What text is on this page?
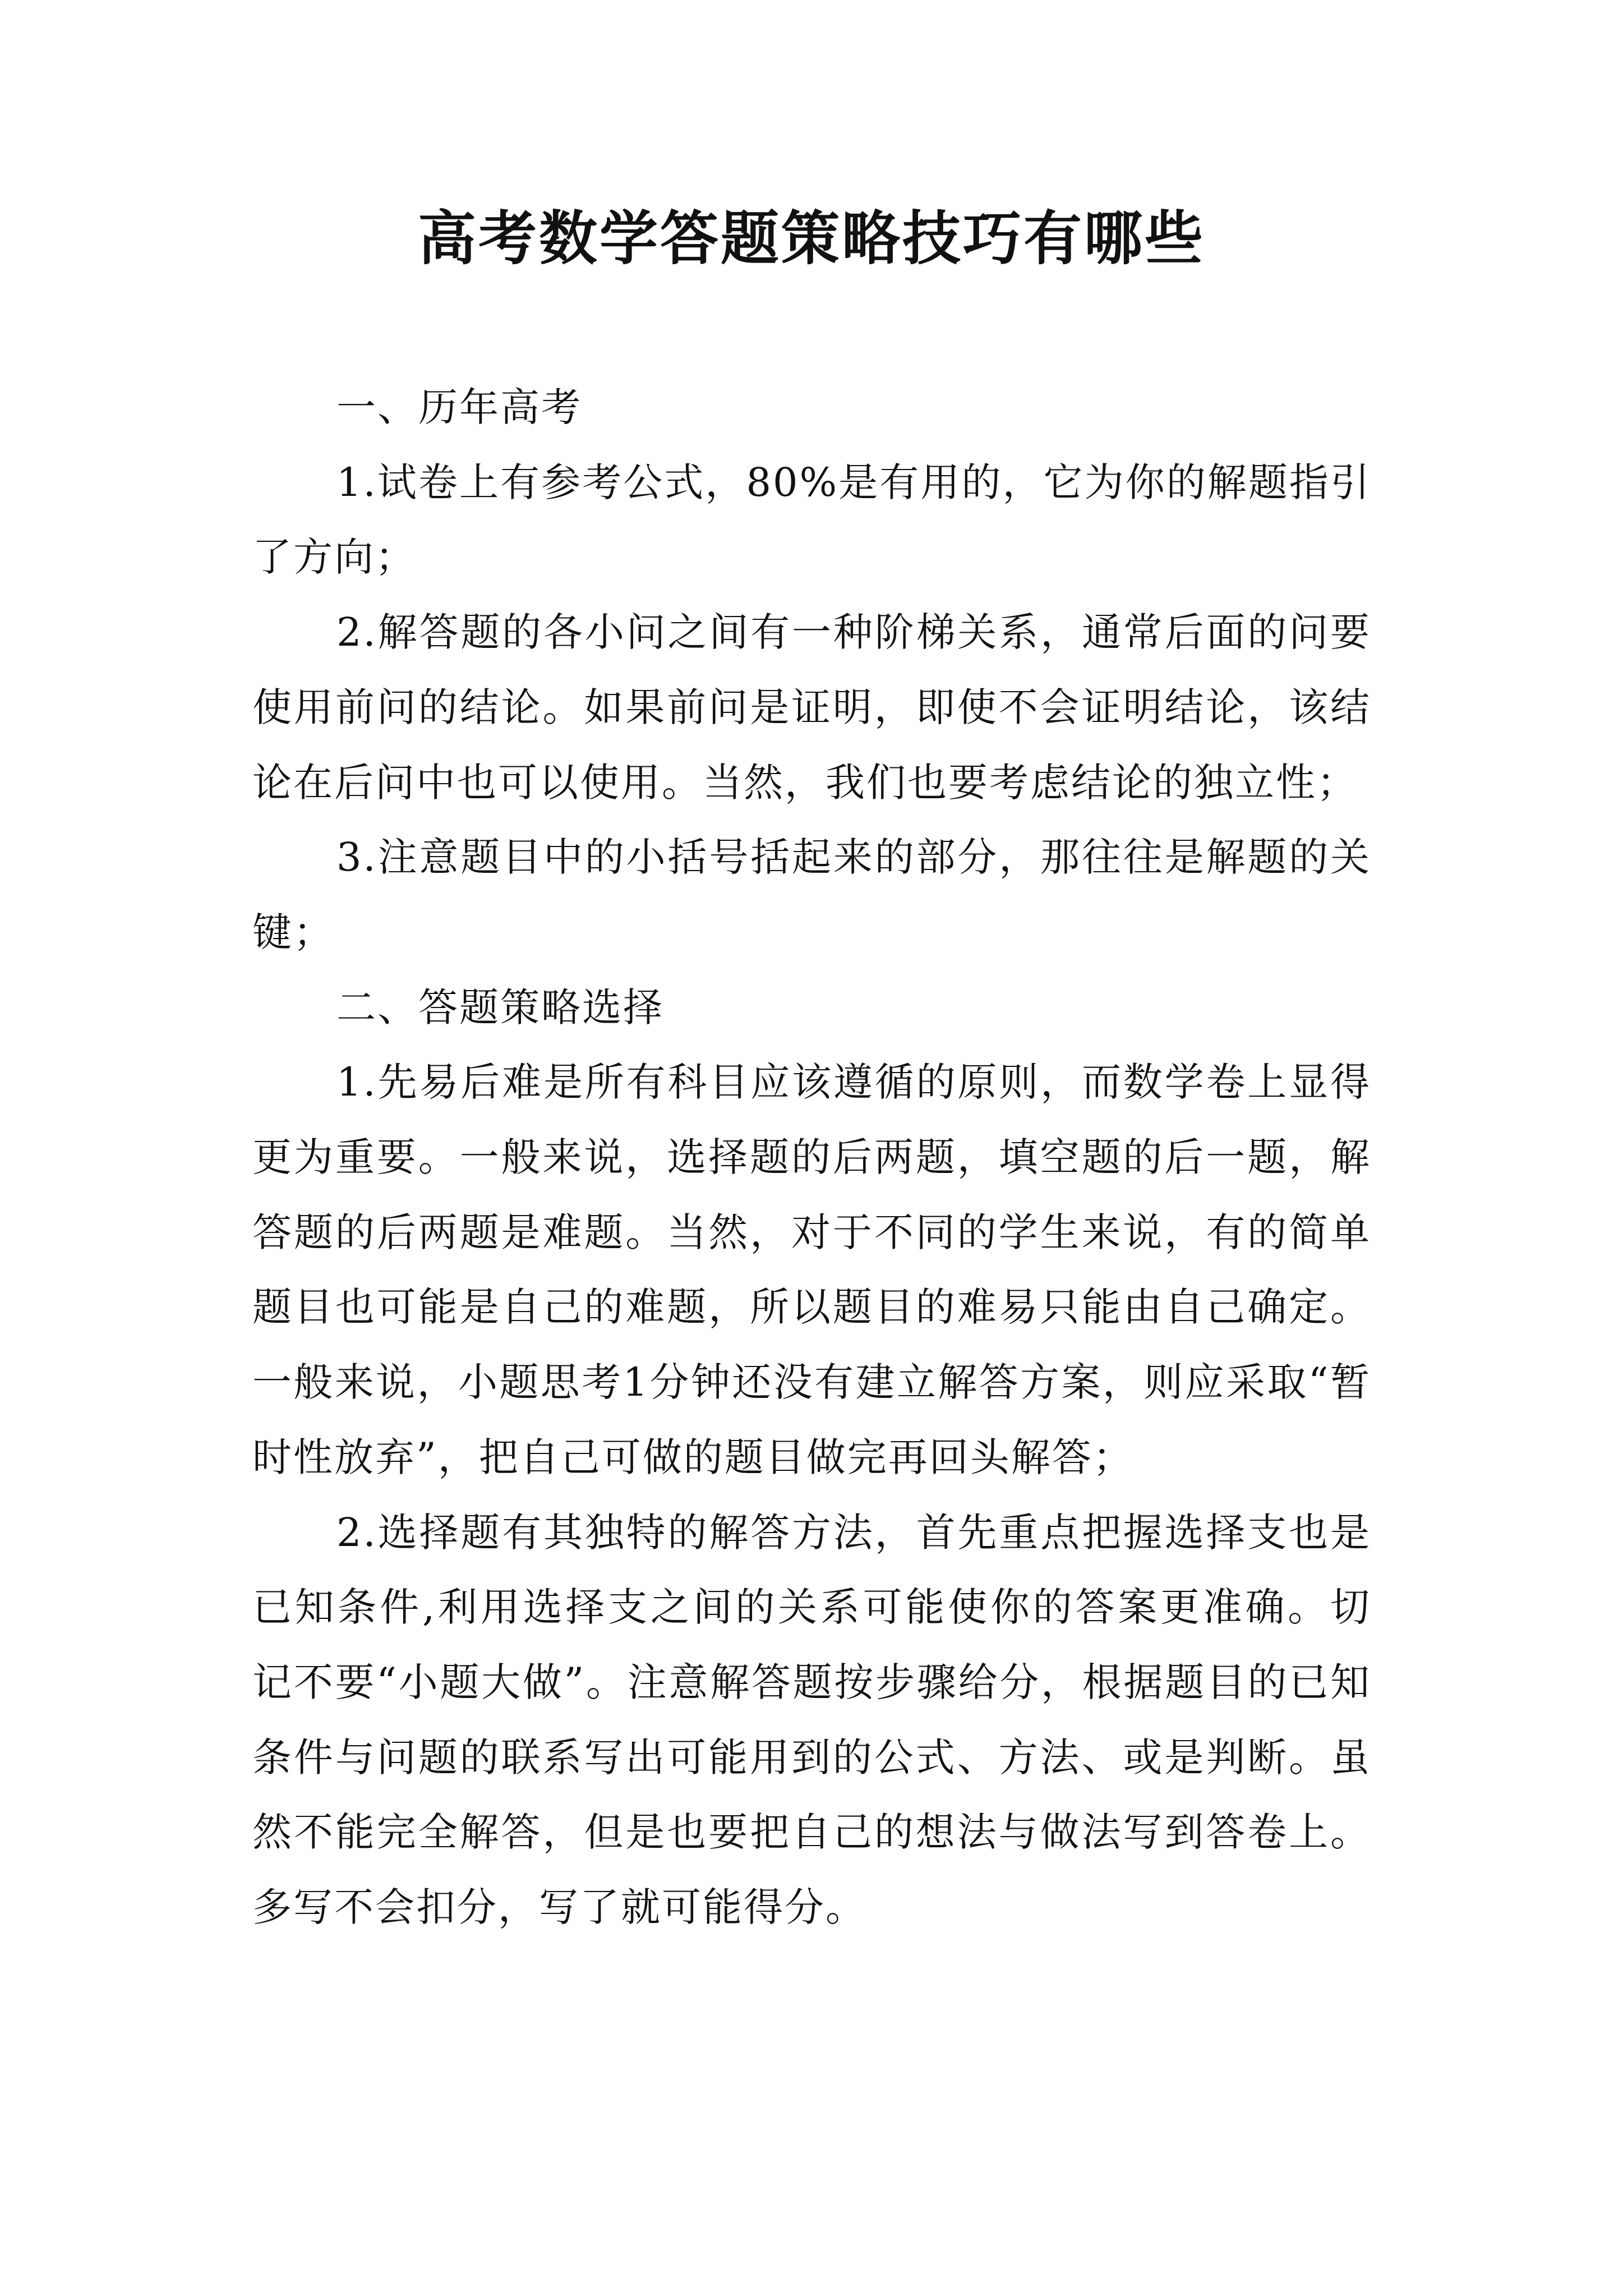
高考数学答题策略技巧有哪些

一、历年高考

1.试卷上有参考公式，80%是有用的，它为你的解题指引了方向；

2.解答题的各小问之间有一种阶梯关系，通常后面的问要使用前问的结论。如果前问是证明，即使不会证明结论，该结论在后问中也可以使用。当然，我们也要考虑结论的独立性；

3.注意题目中的小括号括起来的部分，那往往是解题的关键；

二、答题策略选择

1.先易后难是所有科目应该遵循的原则，而数学卷上显得更为重要。一般来说，选择题的后两题，填空题的后一题，解答题的后两题是难题。当然，对于不同的学生来说，有的简单题目也可能是自己的难题，所以题目的难易只能由自己确定。一般来说，小题思考1分钟还没有建立解答方案，则应采取“暂时性放弃”，把自己可做的题目做完再回头解答；

2.选择题有其独特的解答方法，首先重点把握选择支也是已知条件,利用选择支之间的关系可能使你的答案更准确。切记不要“小题大做”。注意解答题按步骤给分，根据题目的已知条件与问题的联系写出可能用到的公式、方法、或是判断。虽然不能完全解答，但是也要把自己的想法与做法写到答卷上。多写不会扣分，写了就可能得分。
